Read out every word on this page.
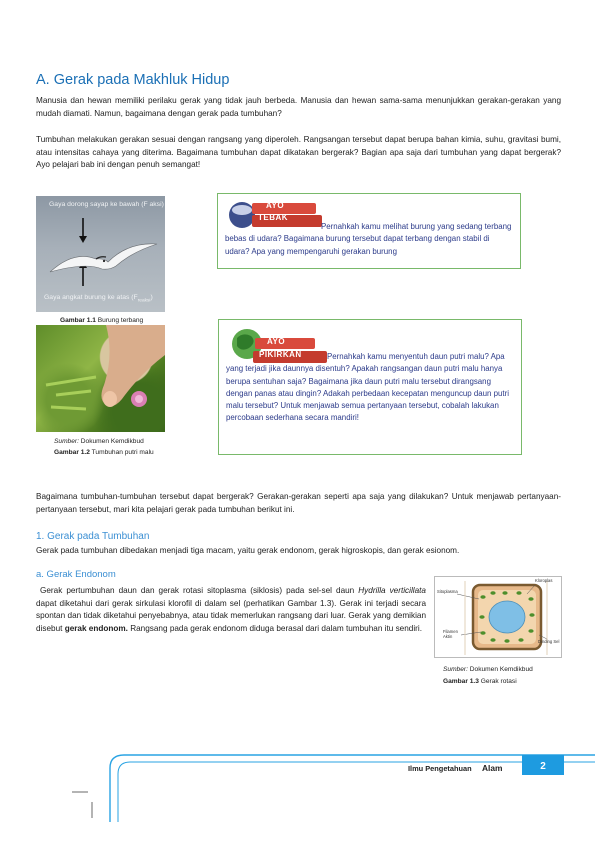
A. Gerak pada Makhluk Hidup

Manusia dan hewan memiliki perilaku gerak yang tidak jauh berbeda. Manusia dan hewan sama-sama menunjukkan gerakan-gerakan yang mudah diamati. Namun, bagaimana dengan gerak pada tumbuhan?

Tumbuhan melakukan gerakan sesuai dengan rangsang yang diperoleh. Rangsangan tersebut dapat berupa bahan kimia, suhu, gravitasi bumi, atau intensitas cahaya yang diterima. Bagaimana tumbuhan dapat dikatakan bergerak? Bagian apa saja dari tumbuhan yang dapat bergerak? Ayo pelajari bab ini dengan penuh semangat!

Gaya dorong sayap ke bawah (F aksi)
Gaya angkat burung ke atas $(F_{reaksi})$
Gambar 1.1 Burung terbang
AYO
TEBAK

Pernahkah kamu melihat burung yang sedang terbang bebas di udara? Bagaimana burung tersebut dapat terbang dengan stabil di udara? Apa yang mempengaruhi gerakan burung

Sumber: Dokumen Kemdikbud
Gambar 1.2 Tumbuhan putri malu
AYO
PIKIRKAN	Pernahkah kamu menyentuh daun putri malu? Apa yang terjadi jika daunnya disentuh? Apakah rangsangan daun putri malu hanya berupa sentuhan saja? Bagaimana jika daun putri malu tersebut dirangsang dengan panas atau dingin? Adakah perbedaan kecepatan menguncup daun putri malu tersebut? Untuk menjawab semua pertanyaan tersebut, cobalah lakukan percobaan sederhana secara mandiri!

Bagaimana tumbuhan-tumbuhan tersebut dapat bergerak? Gerakan-gerakan seperti apa saja yang dilakukan? Untuk menjawab pertanyaan-pertanyaan tersebut, mari kita pelajari gerak pada tumbuhan berikut ini.

1. Gerak pada Tumbuhan

Gerak pada tumbuhan dibedakan menjadi tiga macam, yaitu gerak endonom, gerak higroskopis, dan gerak esionom.

a. Gerak Endonom

Gerak pertumbuhan daun dan gerak rotasi sitoplasma (siklosis) pada sel-sel daun Hydrilla verticillata dapat diketahui dari gerak sirkulasi klorofil di dalam sel (perhatikan Gambar 1.3). Gerak ini terjadi secara spontan dan tidak diketahui penyebabnya, atau tidak memerlukan rangsang dari luar. Gerak yang demikian disebut gerak endonom. Rangsang pada gerak endonom diduga berasal dari dalam tumbuhan itu sendiri.

Kloroplas
Sitoplasma
Filamen
Aktin
Dinding Sel
Sumber: Dokumen Kemdikbud
Gambar 1.3 Gerak rotasi
Ilmu Pengetahuan Alam	2
